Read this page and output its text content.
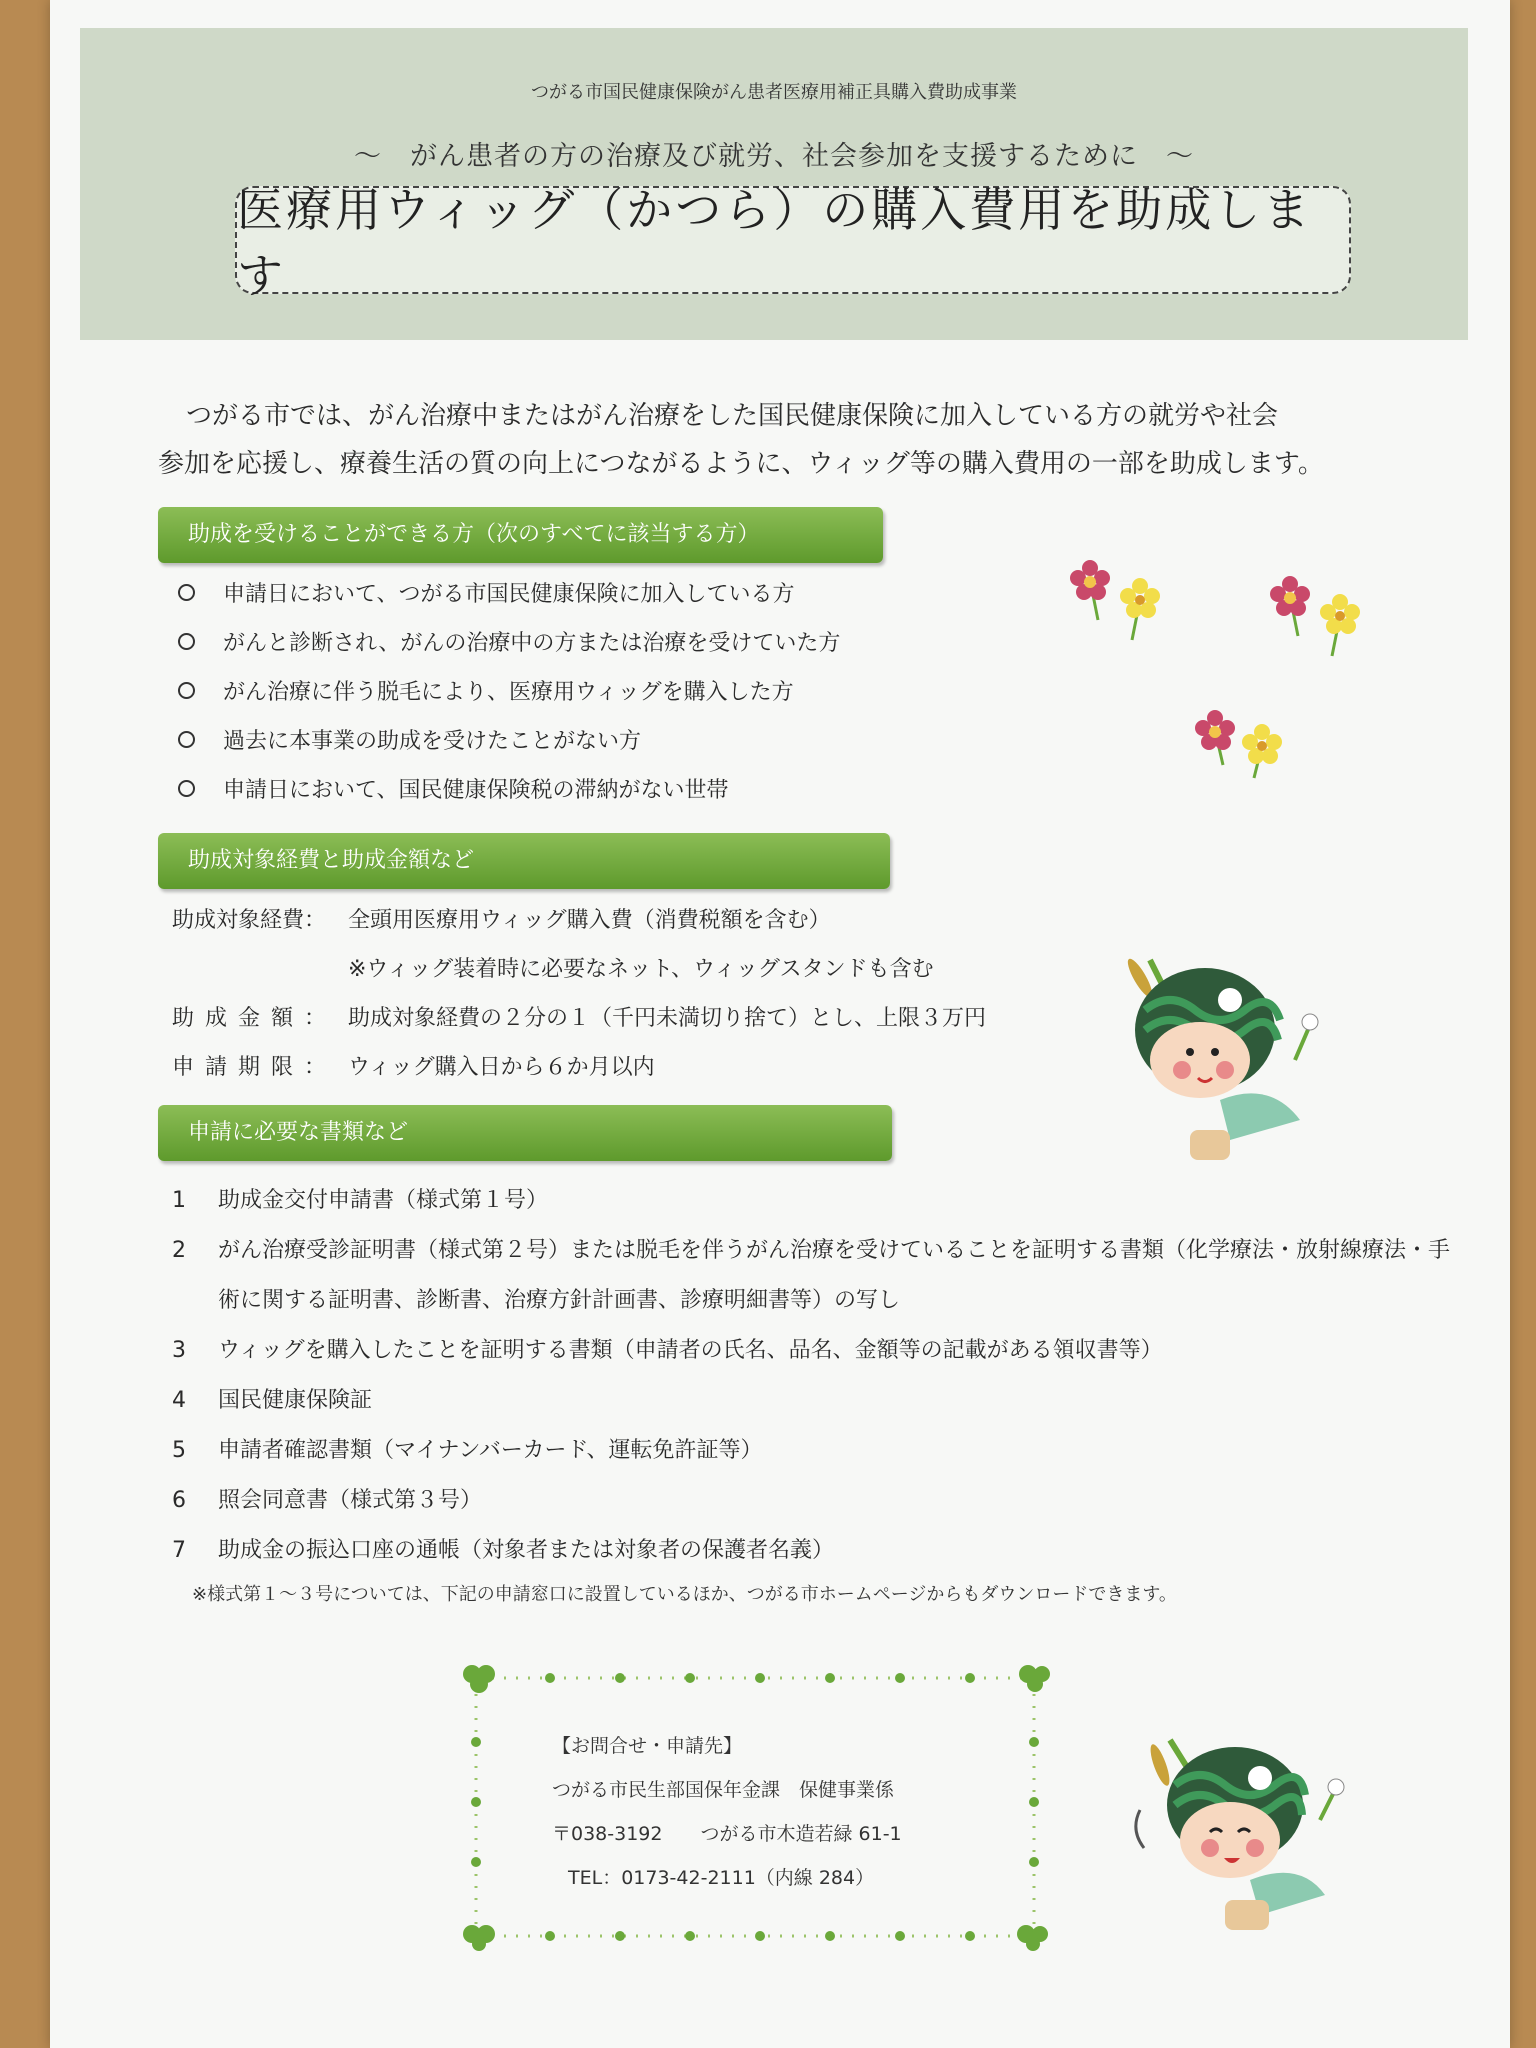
つがる市国民健康保険がん患者医療用補正具購入費助成事業
～　がん患者の方の治療及び就労、社会参加を支援するために　～
医療用ウィッグ（かつら）の購入費用を助成します
つがる市では、がん治療中またはがん治療をした国民健康保険に加入している方の就労や社会
参加を応援し、療養生活の質の向上につながるように、ウィッグ等の購入費用の一部を助成します。
助成を受けることができる方（次のすべてに該当する方）
申請日において、つがる市国民健康保険に加入している方
がんと診断され、がんの治療中の方または治療を受けていた方
がん治療に伴う脱毛により、医療用ウィッグを購入した方
過去に本事業の助成を受けたことがない方
申請日において、国民健康保険税の滞納がない世帯
助成対象経費と助成金額など
助成対象経費： 全頭用医療用ウィッグ購入費（消費税額を含む）
※ウィッグ装着時に必要なネット、ウィッグスタンドも含む
助成金額： 助成対象経費の２分の１（千円未満切り捨て）とし、上限３万円
申請期限： ウィッグ購入日から６か月以内
申請に必要な書類など
1	助成金交付申請書（様式第１号）
2	がん治療受診証明書（様式第２号）または脱毛を伴うがん治療を受けていることを証明する書類（化学療法・放射線療法・手術に関する証明書、診断書、治療方針計画書、診療明細書等）の写し
3	ウィッグを購入したことを証明する書類（申請者の氏名、品名、金額等の記載がある領収書等）
4	国民健康保険証
5	申請者確認書類（マイナンバーカード、運転免許証等）
6	照会同意書（様式第３号）
7	助成金の振込口座の通帳（対象者または対象者の保護者名義）
※様式第１～３号については、下記の申請窓口に設置しているほか、つがる市ホームページからもダウンロードできます。
【お問合せ・申請先】
つがる市民生部国保年金課　保健事業係
〒038-3192 つがる市木造若緑 61-1
TEL：0173-42-2111（内線 284）
